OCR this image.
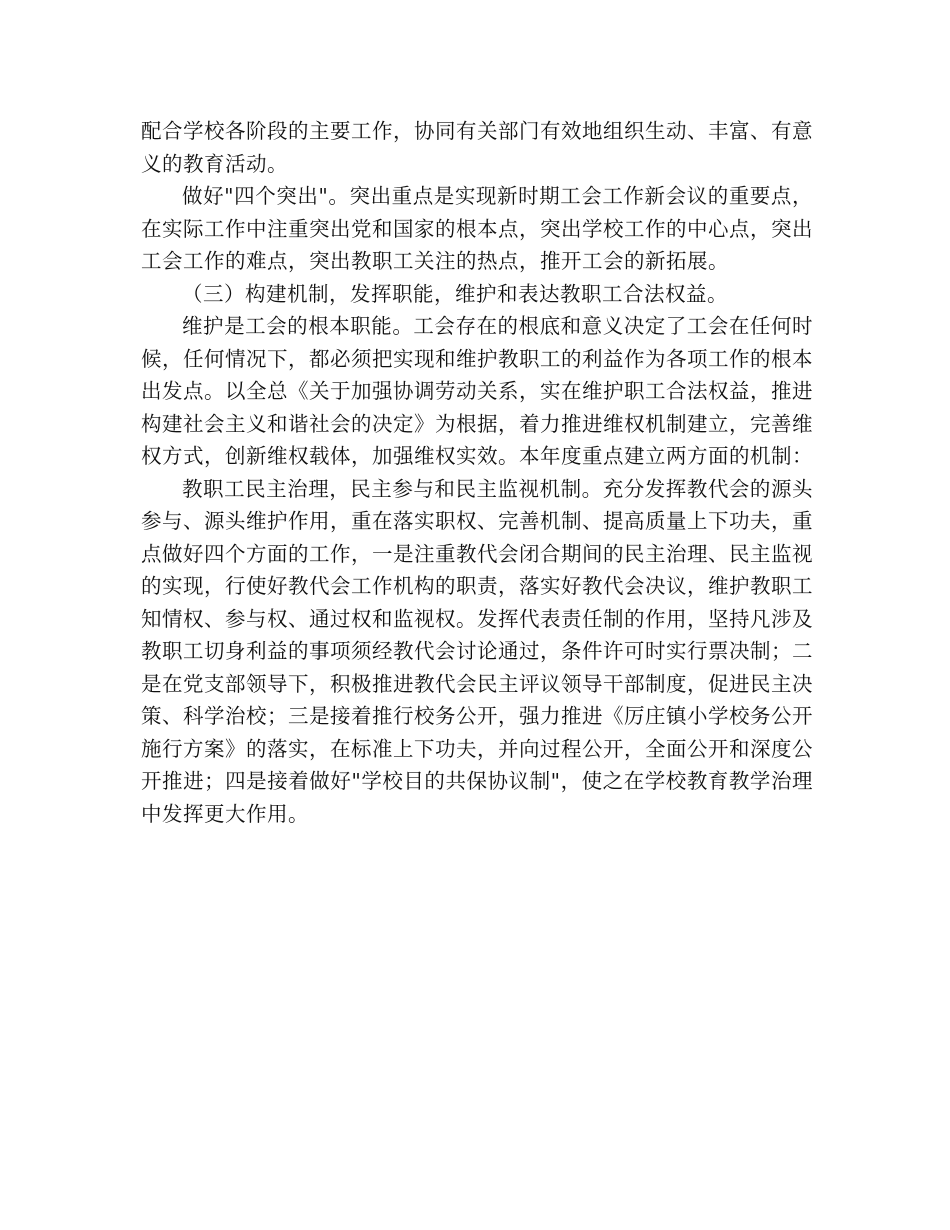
配合学校各阶段的主要工作，协同有关部门有效地组织生动、丰富、有意义的教育活动。

做好"四个突出"。突出重点是实现新时期工会工作新会议的重要点，在实际工作中注重突出党和国家的根本点，突出学校工作的中心点，突出工会工作的难点，突出教职工关注的热点，推开工会的新拓展。

（三）构建机制，发挥职能，维护和表达教职工合法权益。

维护是工会的根本职能。工会存在的根底和意义决定了工会在任何时候，任何情况下，都必须把实现和维护教职工的利益作为各项工作的根本出发点。以全总《关于加强协调劳动关系，实在维护职工合法权益，推进构建社会主义和谐社会的决定》为根据，着力推进维权机制建立，完善维权方式，创新维权载体，加强维权实效。本年度重点建立两方面的机制：

教职工民主治理，民主参与和民主监视机制。充分发挥教代会的源头参与、源头维护作用，重在落实职权、完善机制、提高质量上下功夫，重点做好四个方面的工作，一是注重教代会闭合期间的民主治理、民主监视的实现，行使好教代会工作机构的职责，落实好教代会决议，维护教职工知情权、参与权、通过权和监视权。发挥代表责任制的作用，坚持凡涉及教职工切身利益的事项须经教代会讨论通过，条件许可时实行票决制；二是在党支部领导下，积极推进教代会民主评议领导干部制度，促进民主决策、科学治校；三是接着推行校务公开，强力推进《厉庄镇小学校务公开施行方案》的落实，在标准上下功夫，并向过程公开，全面公开和深度公开推进；四是接着做好"学校目的共保协议制"，使之在学校教育教学治理中发挥更大作用。
